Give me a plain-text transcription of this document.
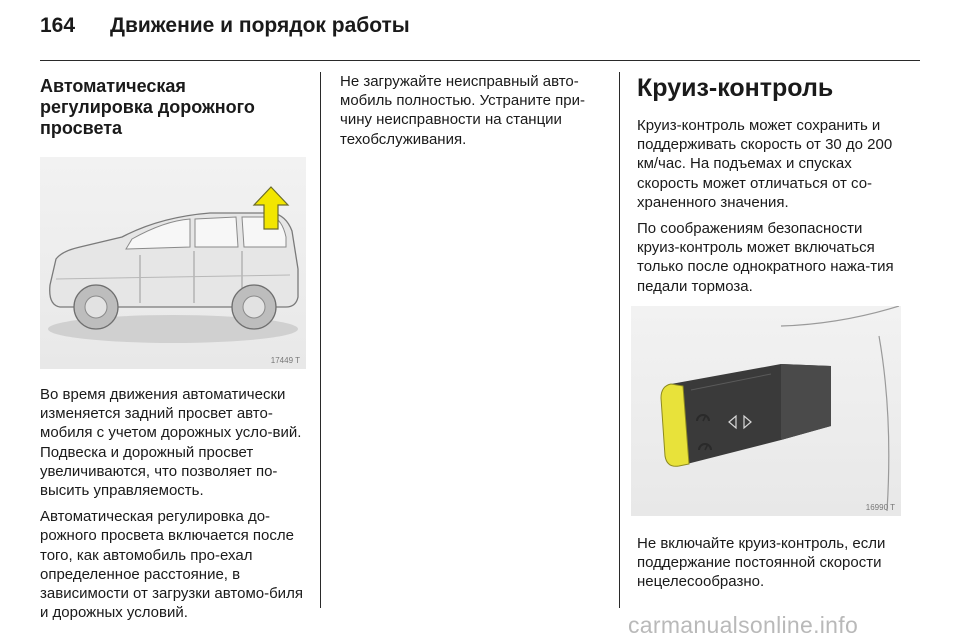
164	Движение и порядок работы
Автоматическая
регулировка дорожного
просвета
17449 T

Во время движения автоматически изменяется задний просвет авто-мобиля с учетом дорожных усло-вий. Подвеска и дорожный просвет увеличиваются, что позволяет по-высить управляемость.

Автоматическая регулировка до-рожного просвета включается после того, как автомобиль про-ехал определенное расстояние, в зависимости от загрузки автомо-биля и дорожных условий.

Не загружайте неисправный авто-мобиль полностью. Устраните при-чину неисправности на станции техобслуживания.

Круиз-контроль

Круиз-контроль может сохранить и поддерживать скорость от 30 до 200 км/час. На подъемах и спусках скорость может отличаться от со-храненного значения.

По соображениям безопасности круиз-контроль может включаться только после однократного нажа-тия педали тормоза.

16990 T

Не включайте круиз-контроль, если поддержание постоянной скорости нецелесообразно.

carmanualsonline.info
